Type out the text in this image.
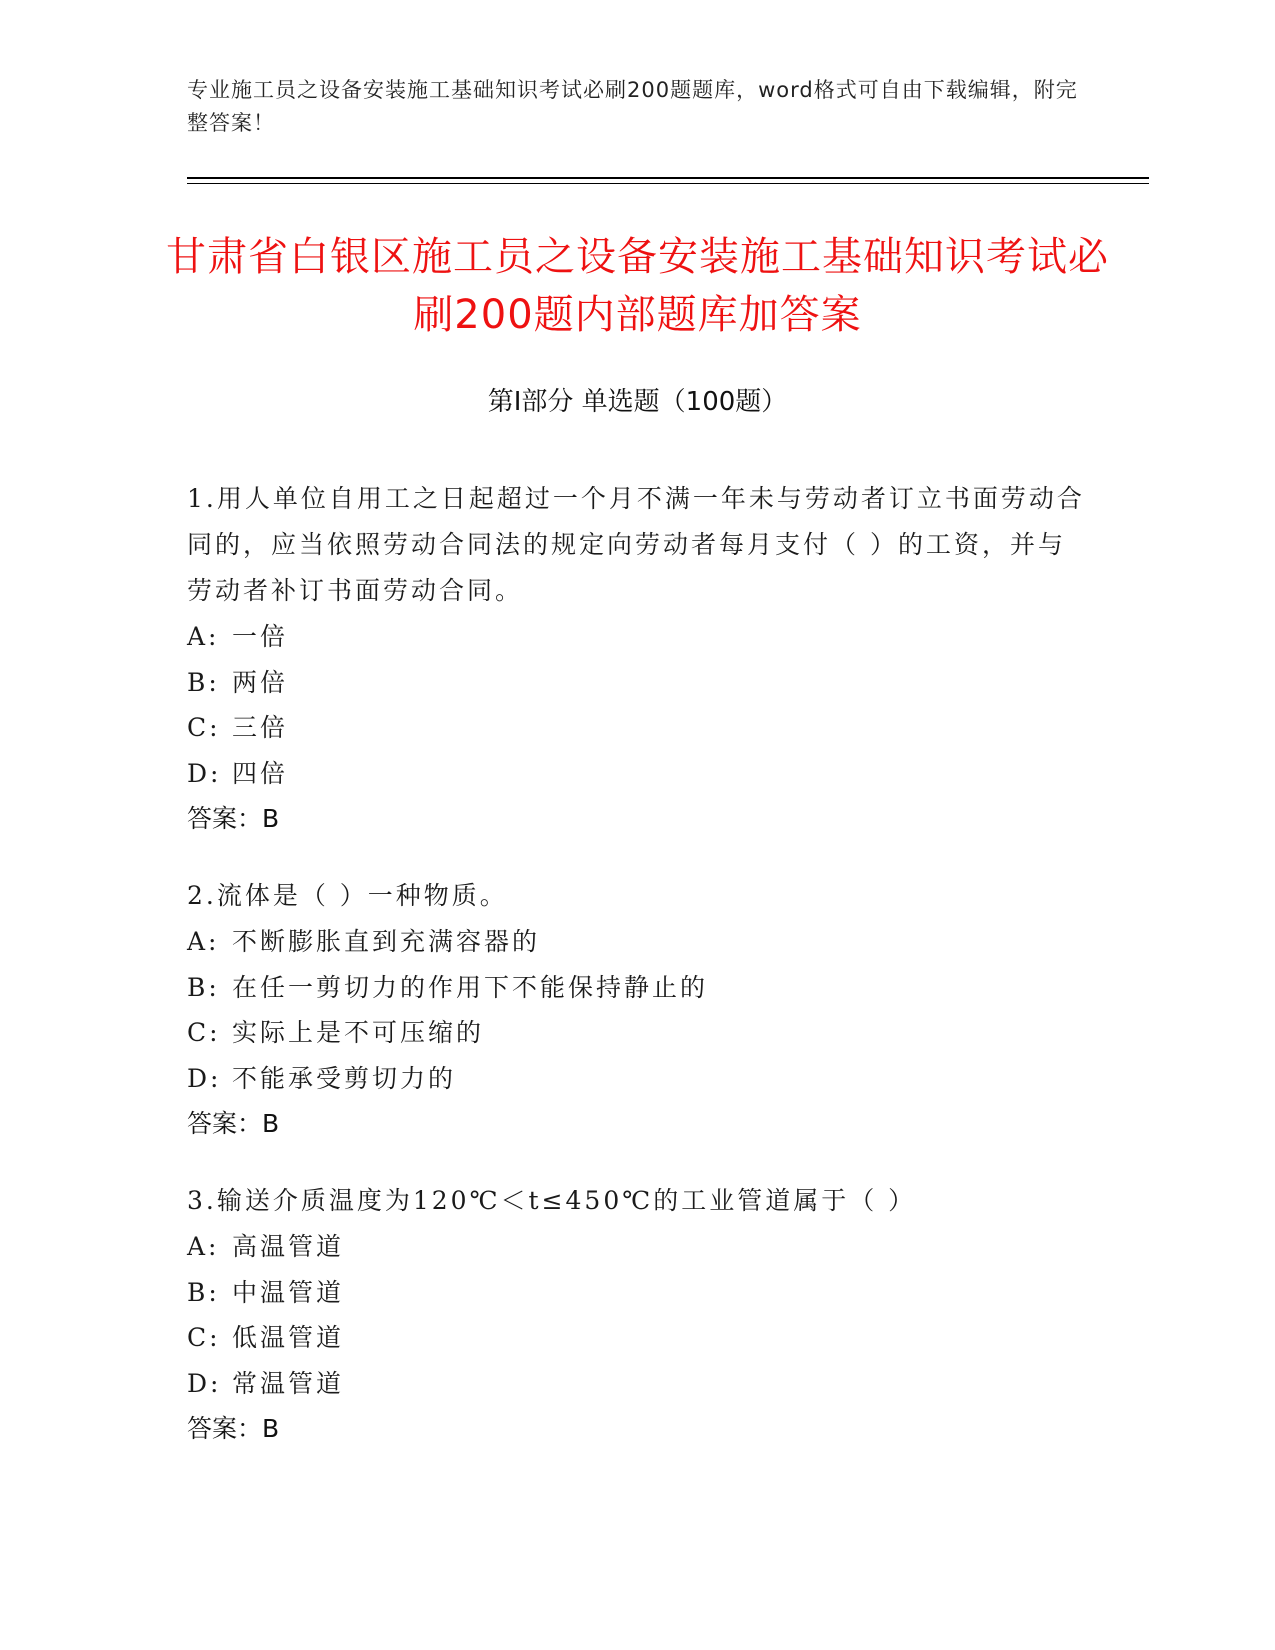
专业施工员之设备安装施工基础知识考试必刷200题题库，word格式可自由下载编辑，附完整答案！
甘肃省白银区施工员之设备安装施工基础知识考试必刷200题内部题库加答案
第Ⅰ部分 单选题（100题）
1.用人单位自用工之日起超过一个月不满一年未与劳动者订立书面劳动合同的，应当依照劳动合同法的规定向劳动者每月支付（ ）的工资，并与劳动者补订书面劳动合同。
A: 一倍
B: 两倍
C: 三倍
D: 四倍
答案：B
2.流体是（ ）一种物质。
A: 不断膨胀直到充满容器的
B: 在任一剪切力的作用下不能保持静止的
C: 实际上是不可压缩的
D: 不能承受剪切力的
答案：B
3.输送介质温度为120℃＜t≤450℃的工业管道属于（ ）
A: 高温管道
B: 中温管道
C: 低温管道
D: 常温管道
答案：B
